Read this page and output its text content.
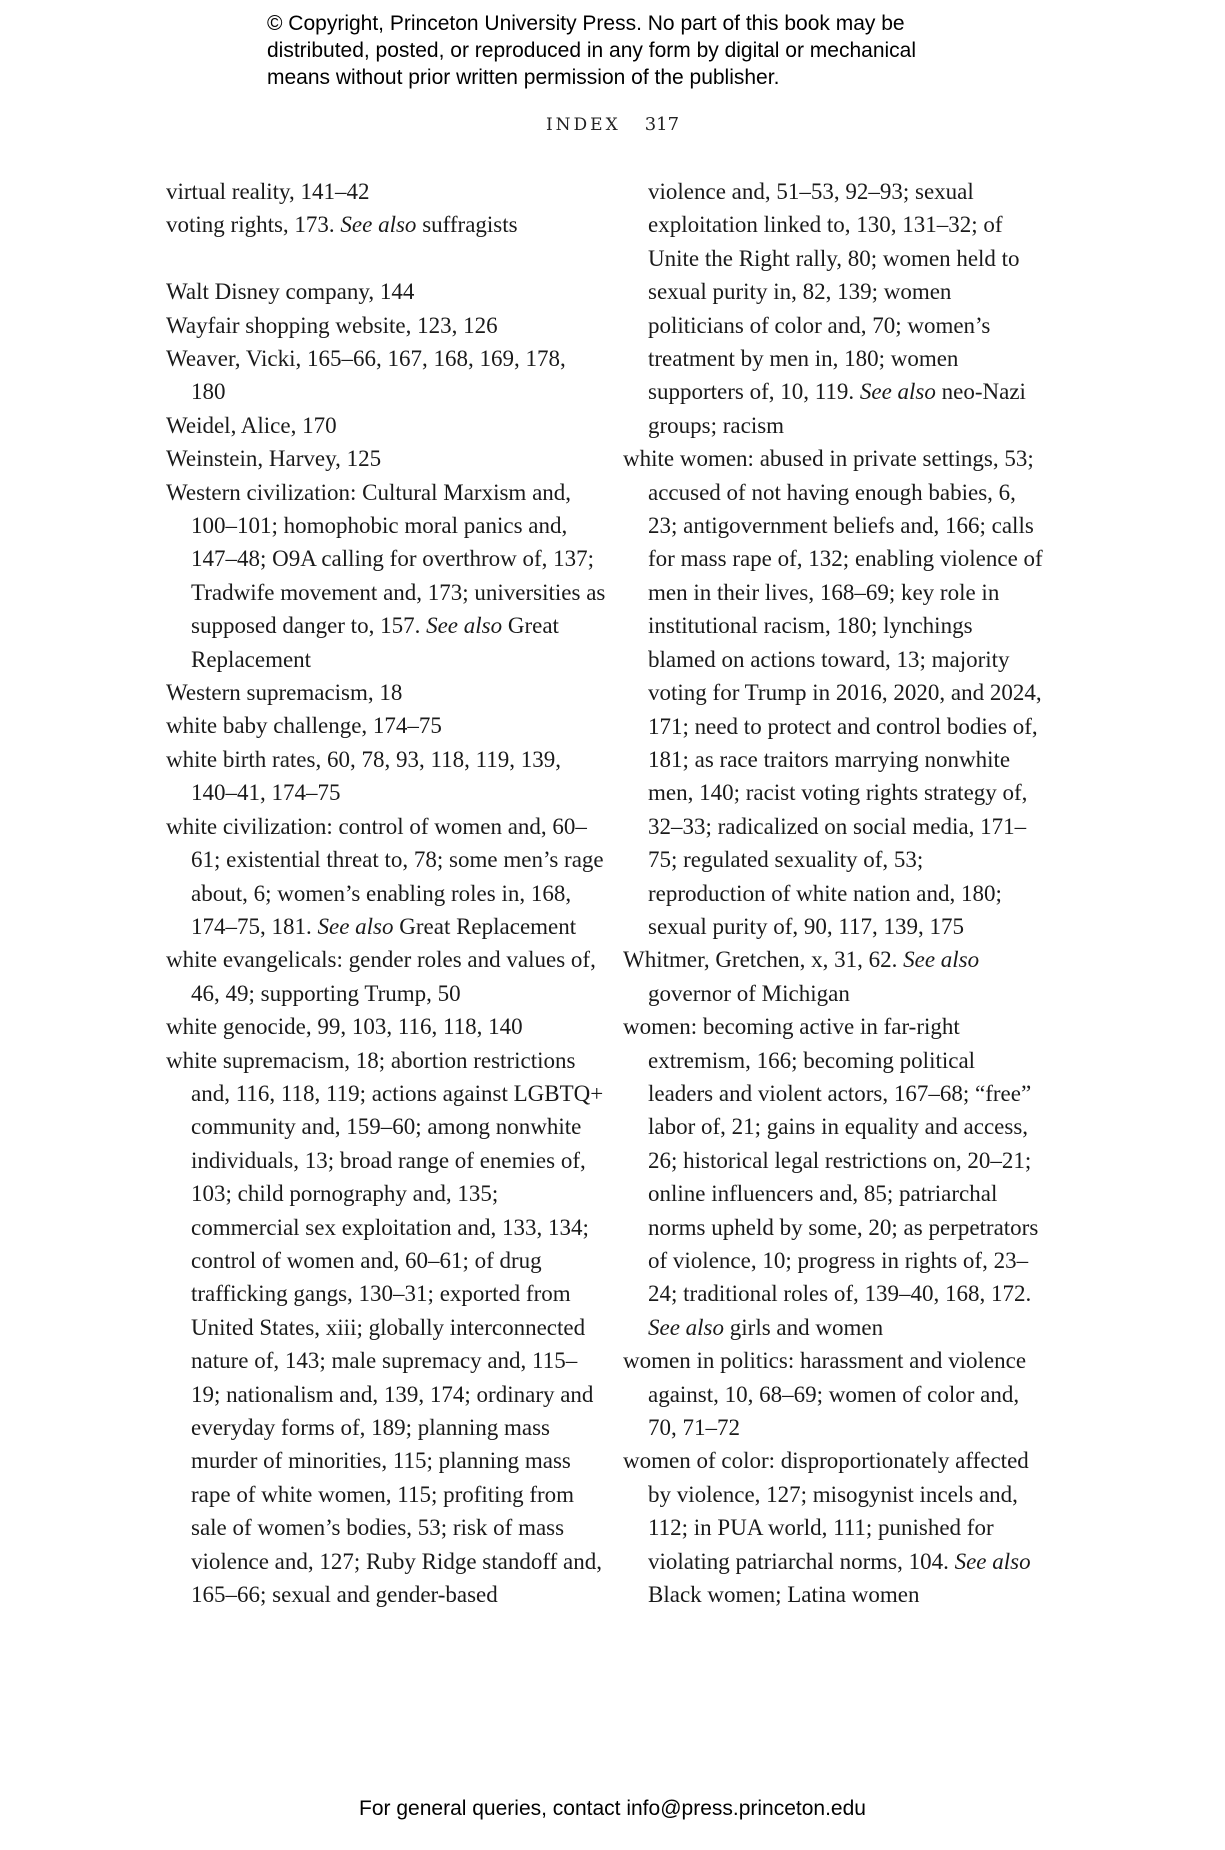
© Copyright, Princeton University Press. No part of this book may be
distributed, posted, or reproduced in any form by digital or mechanical
means without prior written permission of the publisher.
INDEX 317
virtual reality, 141–42
voting rights, 173. See also suffragists
Walt Disney company, 144
Wayfair shopping website, 123, 126
Weaver, Vicki, 165–66, 167, 168, 169, 178, 180
Weidel, Alice, 170
Weinstein, Harvey, 125
Western civilization: Cultural Marxism and, 100–101; homophobic moral panics and, 147–48; O9A calling for overthrow of, 137; Tradwife movement and, 173; universities as supposed danger to, 157. See also Great Replacement
Western supremacism, 18
white baby challenge, 174–75
white birth rates, 60, 78, 93, 118, 119, 139, 140–41, 174–75
white civilization: control of women and, 60–61; existential threat to, 78; some men’s rage about, 6; women’s enabling roles in, 168, 174–75, 181. See also Great Replacement
white evangelicals: gender roles and values of, 46, 49; supporting Trump, 50
white genocide, 99, 103, 116, 118, 140
white supremacism, 18; abortion restrictions and, 116, 118, 119; actions against LGBTQ+ community and, 159–60; among nonwhite individuals, 13; broad range of enemies of, 103; child pornography and, 135; commercial sex exploitation and, 133, 134; control of women and, 60–61; of drug trafficking gangs, 130–31; exported from United States, xiii; globally interconnected nature of, 143; male supremacy and, 115–19; nationalism and, 139, 174; ordinary and everyday forms of, 189; planning mass murder of minorities, 115; planning mass rape of white women, 115; profiting from sale of women’s bodies, 53; risk of mass violence and, 127; Ruby Ridge standoff and, 165–66; sexual and gender-based
violence and, 51–53, 92–93; sexual exploitation linked to, 130, 131–32; of Unite the Right rally, 80; women held to sexual purity in, 82, 139; women politicians of color and, 70; women’s treatment by men in, 180; women supporters of, 10, 119. See also neo-Nazi groups; racism
white women: abused in private settings, 53; accused of not having enough babies, 6, 23; antigovernment beliefs and, 166; calls for mass rape of, 132; enabling violence of men in their lives, 168–69; key role in institutional racism, 180; lynchings blamed on actions toward, 13; majority voting for Trump in 2016, 2020, and 2024, 171; need to protect and control bodies of, 181; as race traitors marrying nonwhite men, 140; racist voting rights strategy of, 32–33; radicalized on social media, 171–75; regulated sexuality of, 53; reproduction of white nation and, 180; sexual purity of, 90, 117, 139, 175
Whitmer, Gretchen, x, 31, 62. See also governor of Michigan
women: becoming active in far-right extremism, 166; becoming political leaders and violent actors, 167–68; “free” labor of, 21; gains in equality and access, 26; historical legal restrictions on, 20–21; online influencers and, 85; patriarchal norms upheld by some, 20; as perpetrators of violence, 10; progress in rights of, 23–24; traditional roles of, 139–40, 168, 172. See also girls and women
women in politics: harassment and violence against, 10, 68–69; women of color and, 70, 71–72
women of color: disproportionately affected by violence, 127; misogynist incels and, 112; in PUA world, 111; punished for violating patriarchal norms, 104. See also Black women; Latina women
For general queries, contact info@press.princeton.edu
